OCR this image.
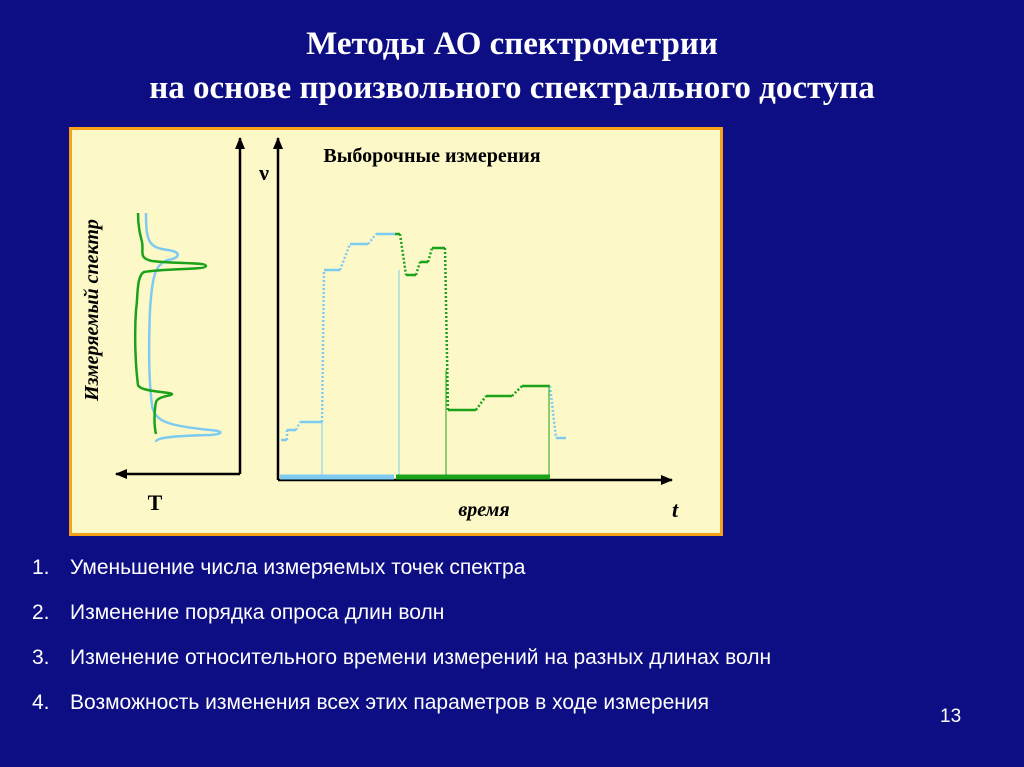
Методы АО спектрометрии
на основе произвольного спектрального доступа
Измеряемый спектр
T
ν
Выборочные измерения
время	t
1. Уменьшение числа измеряемых точек спектра
2. Изменение порядка опроса длин волн
3. Изменение относительного времени измерений на разных длинах волн
4. Возможность изменения всех этих параметров в ходе измерения
13
